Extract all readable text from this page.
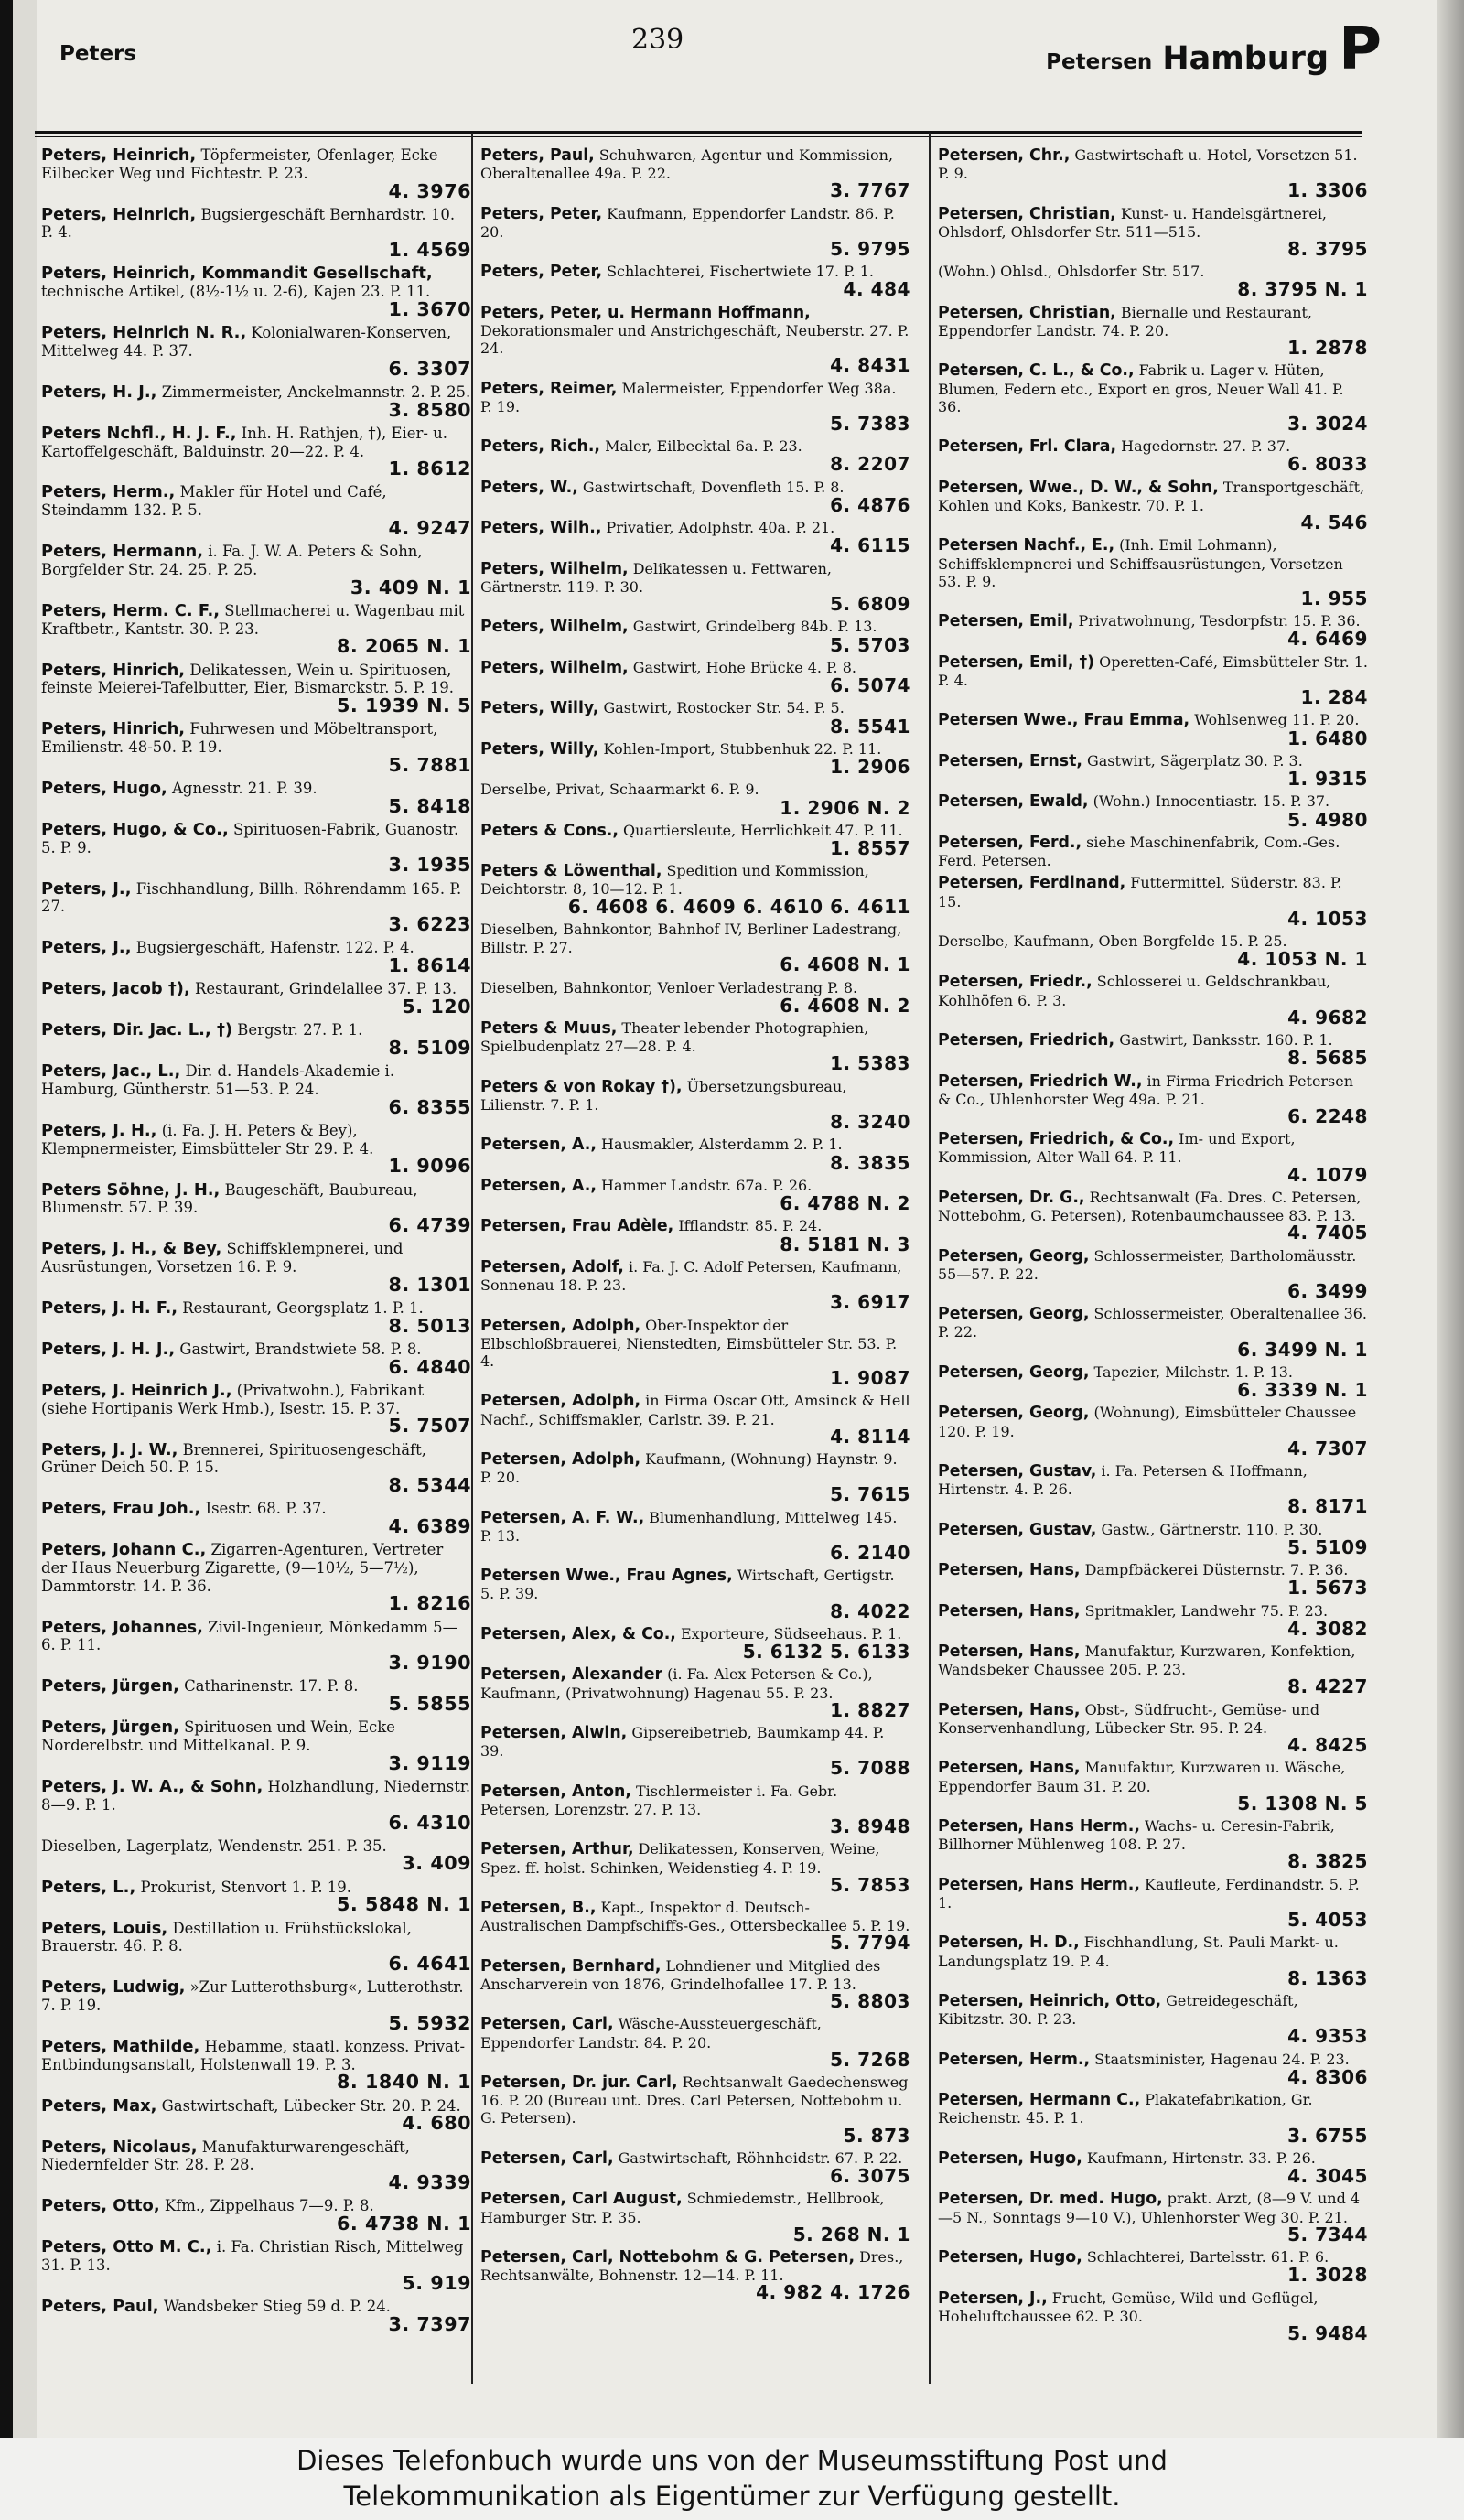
Peters	239
Petersen Hamburg P
Peters, Heinrich, Töpfermeister, Ofenlager, Ecke Eilbecker Weg und Fichtestr. P. 23.
4. 3976
Peters, Heinrich, Bugsiergeschäft Bernhardstr. 10. P. 4.
1. 4569
Peters, Heinrich, Kommandit Gesellschaft, technische Artikel, (8½-1½ u. 2-6), Kajen 23. P. 11.
1. 3670
Peters, Heinrich N. R., Kolonialwaren-Konserven, Mittelweg 44. P. 37.
6. 3307
Peters, H. J., Zimmermeister, Anckelmannstr. 2. P. 25.
3. 8580
Peters Nchfl., H. J. F., Inh. H. Rathjen, †), Eier- u. Kartoffelgeschäft, Balduinstr. 20—22. P. 4.
1. 8612
Peters, Herm., Makler für Hotel und Café, Steindamm 132. P. 5.
4. 9247
Peters, Hermann, i. Fa. J. W. A. Peters & Sohn, Borgfelder Str. 24. 25. P. 25.
3. 409 N. 1
Peters, Herm. C. F., Stellmacherei u. Wagenbau mit Kraftbetr., Kantstr. 30. P. 23.
8. 2065 N. 1
Peters, Hinrich, Delikatessen, Wein u. Spirituosen, feinste Meierei-Tafelbutter, Eier, Bismarckstr. 5. P. 19.
5. 1939 N. 5
Peters, Hinrich, Fuhrwesen und Möbeltransport, Emilienstr. 48-50. P. 19.
5. 7881
Peters, Hugo, Agnesstr. 21. P. 39.
5. 8418
Peters, Hugo, & Co., Spirituosen-Fabrik, Guanostr. 5. P. 9.
3. 1935
Peters, J., Fischhandlung, Billh. Röhrendamm 165. P. 27.
3. 6223
Peters, J., Bugsiergeschäft, Hafenstr. 122. P. 4.
1. 8614
Peters, Jacob †), Restaurant, Grindelallee 37. P. 13.
5. 120
Peters, Dir. Jac. L., †) Bergstr. 27. P. 1.
8. 5109
Peters, Jac., L., Dir. d. Handels-Akademie i. Hamburg, Güntherstr. 51—53. P. 24.
6. 8355
Peters, J. H., (i. Fa. J. H. Peters & Bey), Klempnermeister, Eimsbütteler Str 29. P. 4.
1. 9096
Peters Söhne, J. H., Baugeschäft, Baubureau, Blumenstr. 57. P. 39.
6. 4739
Peters, J. H., & Bey, Schiffsklempnerei, und Ausrüstungen, Vorsetzen 16. P. 9.
8. 1301
Peters, J. H. F., Restaurant, Georgsplatz 1. P. 1.
8. 5013
Peters, J. H. J., Gastwirt, Brandstwiete 58. P. 8.
6. 4840
Peters, J. Heinrich J., (Privatwohn.), Fabrikant (siehe Hortipanis Werk Hmb.), Isestr. 15. P. 37.
5. 7507
Peters, J. J. W., Brennerei, Spirituosengeschäft, Grüner Deich 50. P. 15.
8. 5344
Peters, Frau Joh., Isestr. 68. P. 37.
4. 6389
Peters, Johann C., Zigarren-Agenturen, Vertreter der Haus Neuerburg Zigarette, (9—10½, 5—7½), Dammtorstr. 14. P. 36.
1. 8216
Peters, Johannes, Zivil-Ingenieur, Mönkedamm 5—6. P. 11.
3. 9190
Peters, Jürgen, Catharinenstr. 17. P. 8.
5. 5855
Peters, Jürgen, Spirituosen und Wein, Ecke Norderelbstr. und Mittelkanal. P. 9.
3. 9119
Peters, J. W. A., & Sohn, Holzhandlung, Niedernstr. 8—9. P. 1.
6. 4310
Dieselben, Lagerplatz, Wendenstr. 251. P. 35.
3. 409
Peters, L., Prokurist, Stenvort 1. P. 19.
5. 5848 N. 1
Peters, Louis, Destillation u. Frühstückslokal, Brauerstr. 46. P. 8.
6. 4641
Peters, Ludwig, »Zur Lutterothsburg«, Lutterothstr. 7. P. 19.
5. 5932
Peters, Mathilde, Hebamme, staatl. konzess. Privat-Entbindungsanstalt, Holstenwall 19. P. 3.
8. 1840 N. 1
Peters, Max, Gastwirtschaft, Lübecker Str. 20. P. 24.
4. 680
Peters, Nicolaus, Manufakturwarengeschäft, Niedernfelder Str. 28. P. 28.
4. 9339
Peters, Otto, Kfm., Zippelhaus 7—9. P. 8.
6. 4738 N. 1
Peters, Otto M. C., i. Fa. Christian Risch, Mittelweg 31. P. 13.
5. 919
Peters, Paul, Wandsbeker Stieg 59 d. P. 24.
3. 7397
Peters, Paul, Schuhwaren, Agentur und Kommission, Oberaltenallee 49a. P. 22.
3. 7767
Peters, Peter, Kaufmann, Eppendorfer Landstr. 86. P. 20.
5. 9795
Peters, Peter, Schlachterei, Fischertwiete 17. P. 1.
4. 484
Peters, Peter, u. Hermann Hoffmann, Dekorationsmaler und Anstrichgeschäft, Neuberstr. 27. P. 24.
4. 8431
Peters, Reimer, Malermeister, Eppendorfer Weg 38a. P. 19.
5. 7383
Peters, Rich., Maler, Eilbecktal 6a. P. 23.
8. 2207
Peters, W., Gastwirtschaft, Dovenfleth 15. P. 8.
6. 4876
Peters, Wilh., Privatier, Adolphstr. 40a. P. 21.
4. 6115
Peters, Wilhelm, Delikatessen u. Fettwaren, Gärtnerstr. 119. P. 30.
5. 6809
Peters, Wilhelm, Gastwirt, Grindelberg 84b. P. 13.
5. 5703
Peters, Wilhelm, Gastwirt, Hohe Brücke 4. P. 8.
6. 5074
Peters, Willy, Gastwirt, Rostocker Str. 54. P. 5.
8. 5541
Peters, Willy, Kohlen-Import, Stubbenhuk 22. P. 11.
1. 2906
Derselbe, Privat, Schaarmarkt 6. P. 9.
1. 2906 N. 2
Peters & Cons., Quartiersleute, Herrlichkeit 47. P. 11.
1. 8557
Peters & Löwenthal, Spedition und Kommission, Deichtorstr. 8, 10—12. P. 1.
6. 4608 6. 4609 6. 4610 6. 4611
Dieselben, Bahnkontor, Bahnhof IV, Berliner Ladestrang, Billstr. P. 27.
6. 4608 N. 1
Dieselben, Bahnkontor, Venloer Verladestrang P. 8.
6. 4608 N. 2
Peters & Muus, Theater lebender Photographien, Spielbudenplatz 27—28. P. 4.
1. 5383
Peters & von Rokay †), Übersetzungsbureau, Lilienstr. 7. P. 1.
8. 3240
Petersen, A., Hausmakler, Alsterdamm 2. P. 1.
8. 3835
Petersen, A., Hammer Landstr. 67a. P. 26.
6. 4788 N. 2
Petersen, Frau Adèle, Ifflandstr. 85. P. 24.
8. 5181 N. 3
Petersen, Adolf, i. Fa. J. C. Adolf Petersen, Kaufmann, Sonnenau 18. P. 23.
3. 6917
Petersen, Adolph, Ober-Inspektor der Elbschloßbrauerei, Nienstedten, Eimsbütteler Str. 53. P. 4.
1. 9087
Petersen, Adolph, in Firma Oscar Ott, Amsinck & Hell Nachf., Schiffsmakler, Carlstr. 39. P. 21.
4. 8114
Petersen, Adolph, Kaufmann, (Wohnung) Haynstr. 9. P. 20.
5. 7615
Petersen, A. F. W., Blumenhandlung, Mittelweg 145. P. 13.
6. 2140
Petersen Wwe., Frau Agnes, Wirtschaft, Gertigstr. 5. P. 39.
8. 4022
Petersen, Alex, & Co., Exporteure, Südseehaus. P. 1.
5. 6132 5. 6133
Petersen, Alexander (i. Fa. Alex Petersen & Co.), Kaufmann, (Privatwohnung) Hagenau 55. P. 23.
1. 8827
Petersen, Alwin, Gipsereibetrieb, Baumkamp 44. P. 39.
5. 7088
Petersen, Anton, Tischlermeister i. Fa. Gebr. Petersen, Lorenzstr. 27. P. 13.
3. 8948
Petersen, Arthur, Delikatessen, Konserven, Weine, Spez. ff. holst. Schinken, Weidenstieg 4. P. 19.
5. 7853
Petersen, B., Kapt., Inspektor d. Deutsch-Australischen Dampfschiffs-Ges., Ottersbeckallee 5. P. 19.
5. 7794
Petersen, Bernhard, Lohndiener und Mitglied des Anscharverein von 1876, Grindelhofallee 17. P. 13.
5. 8803
Petersen, Carl, Wäsche-Aussteuergeschäft, Eppendorfer Landstr. 84. P. 20.
5. 7268
Petersen, Dr. jur. Carl, Rechtsanwalt Gaedechensweg 16. P. 20 (Bureau unt. Dres. Carl Petersen, Nottebohm u. G. Petersen).
5. 873
Petersen, Carl, Gastwirtschaft, Röhnheidstr. 67. P. 22.
6. 3075
Petersen, Carl August, Schmiedemstr., Hellbrook, Hamburger Str. P. 35.
5. 268 N. 1
Petersen, Carl, Nottebohm & G. Petersen, Dres., Rechtsanwälte, Bohnenstr. 12—14. P. 11.
4. 982 4. 1726
Petersen, Chr., Gastwirtschaft u. Hotel, Vorsetzen 51. P. 9.
1. 3306
Petersen, Christian, Kunst- u. Handelsgärtnerei, Ohlsdorf, Ohlsdorfer Str. 511—515.
8. 3795
(Wohn.) Ohlsd., Ohlsdorfer Str. 517.
8. 3795 N. 1
Petersen, Christian, Biernalle und Restaurant, Eppendorfer Landstr. 74. P. 20.
1. 2878
Petersen, C. L., & Co., Fabrik u. Lager v. Hüten, Blumen, Federn etc., Export en gros, Neuer Wall 41. P. 36.
3. 3024
Petersen, Frl. Clara, Hagedornstr. 27. P. 37.
6. 8033
Petersen, Wwe., D. W., & Sohn, Transportgeschäft, Kohlen und Koks, Bankestr. 70. P. 1.
4. 546
Petersen Nachf., E., (Inh. Emil Lohmann), Schiffsklempnerei und Schiffsausrüstungen, Vorsetzen 53. P. 9.
1. 955
Petersen, Emil, Privatwohnung, Tesdorpfstr. 15. P. 36.
4. 6469
Petersen, Emil, †) Operetten-Café, Eimsbütteler Str. 1. P. 4.
1. 284
Petersen Wwe., Frau Emma, Wohlsenweg 11. P. 20.
1. 6480
Petersen, Ernst, Gastwirt, Sägerplatz 30. P. 3.
1. 9315
Petersen, Ewald, (Wohn.) Innocentiastr. 15. P. 37.
5. 4980
Petersen, Ferd., siehe Maschinenfabrik, Com.-Ges. Ferd. Petersen.
Petersen, Ferdinand, Futtermittel, Süderstr. 83. P. 15.
4. 1053
Derselbe, Kaufmann, Oben Borgfelde 15. P. 25.
4. 1053 N. 1
Petersen, Friedr., Schlosserei u. Geldschrankbau, Kohlhöfen 6. P. 3.
4. 9682
Petersen, Friedrich, Gastwirt, Banksstr. 160. P. 1.
8. 5685
Petersen, Friedrich W., in Firma Friedrich Petersen & Co., Uhlenhorster Weg 49a. P. 21.
6. 2248
Petersen, Friedrich, & Co., Im- und Export, Kommission, Alter Wall 64. P. 11.
4. 1079
Petersen, Dr. G., Rechtsanwalt (Fa. Dres. C. Petersen, Nottebohm, G. Petersen), Rotenbaumchaussee 83. P. 13.
4. 7405
Petersen, Georg, Schlossermeister, Bartholomäusstr. 55—57. P. 22.
6. 3499
Petersen, Georg, Schlossermeister, Oberaltenallee 36. P. 22.
6. 3499 N. 1
Petersen, Georg, Tapezier, Milchstr. 1. P. 13.
6. 3339 N. 1
Petersen, Georg, (Wohnung), Eimsbütteler Chaussee 120. P. 19.
4. 7307
Petersen, Gustav, i. Fa. Petersen & Hoffmann, Hirtenstr. 4. P. 26.
8. 8171
Petersen, Gustav, Gastw., Gärtnerstr. 110. P. 30.
5. 5109
Petersen, Hans, Dampfbäckerei Düsternstr. 7. P. 36.
1. 5673
Petersen, Hans, Spritmakler, Landwehr 75. P. 23.
4. 3082
Petersen, Hans, Manufaktur, Kurzwaren, Konfektion, Wandsbeker Chaussee 205. P. 23.
8. 4227
Petersen, Hans, Obst-, Südfrucht-, Gemüse- und Konservenhandlung, Lübecker Str. 95. P. 24.
4. 8425
Petersen, Hans, Manufaktur, Kurzwaren u. Wäsche, Eppendorfer Baum 31. P. 20.
5. 1308 N. 5
Petersen, Hans Herm., Wachs- u. Ceresin-Fabrik, Billhorner Mühlenweg 108. P. 27.
8. 3825
Petersen, Hans Herm., Kaufleute, Ferdinandstr. 5. P. 1.
5. 4053
Petersen, H. D., Fischhandlung, St. Pauli Markt- u. Landungsplatz 19. P. 4.
8. 1363
Petersen, Heinrich, Otto, Getreidegeschäft, Kibitzstr. 30. P. 23.
4. 9353
Petersen, Herm., Staatsminister, Hagenau 24. P. 23.
4. 8306
Petersen, Hermann C., Plakatefabrikation, Gr. Reichenstr. 45. P. 1.
3. 6755
Petersen, Hugo, Kaufmann, Hirtenstr. 33. P. 26.
4. 3045
Petersen, Dr. med. Hugo, prakt. Arzt, (8—9 V. und 4—5 N., Sonntags 9—10 V.), Uhlenhorster Weg 30. P. 21.
5. 7344
Petersen, Hugo, Schlachterei, Bartelsstr. 61. P. 6.
1. 3028
Petersen, J., Frucht, Gemüse, Wild und Geflügel, Hoheluftchaussee 62. P. 30.
5. 9484
Dieses Telefonbuch wurde uns von der Museumsstiftung Post und
Telekommunikation als Eigentümer zur Verfügung gestellt.
